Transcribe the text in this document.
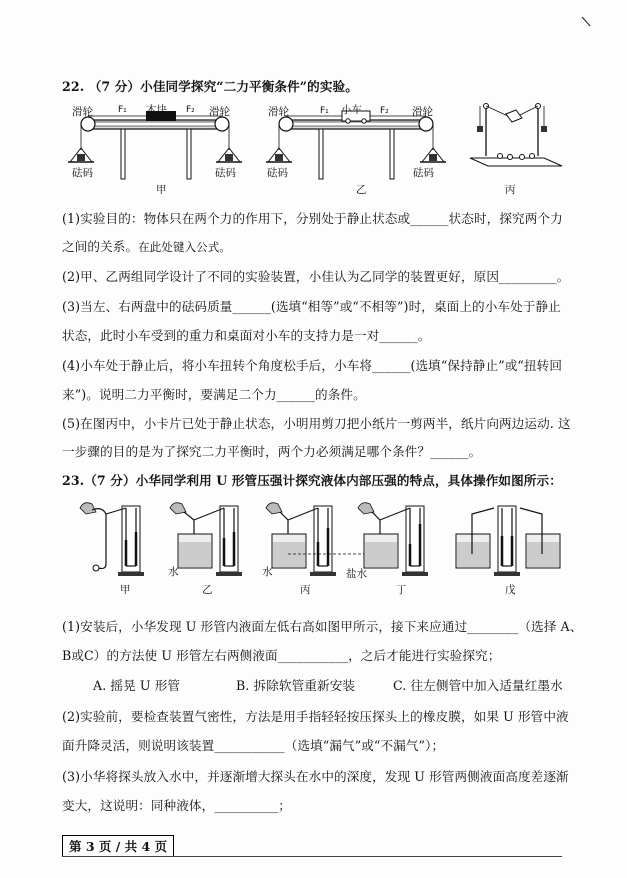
\
22. （7 分）小佳同学探究“二力平衡条件”的实验。
滑轮	滑轮
木块
F₁	F₂
砝码	砝码
甲
滑轮	滑轮
小车
F₁	F₂
砝码	砝码
乙	丙
(1)实验目的：物体只在两个力的作用下，分别处于静止状态或______状态时，探究两个力
之间的关系。在此处键入公式。
(2)甲、乙两组同学设计了不同的实验装置，小佳认为乙同学的装置更好，原因_________。
(3)当左、右两盘中的砝码质量______(选填“相等”或“不相等”)时，桌面上的小车处于静止
状态，此时小车受到的重力和桌面对小车的支持力是一对______。
(4)小车处于静止后，将小车扭转个角度松手后，小车将______(选填“保持静止”或“扭转回
来”)。说明二力平衡时，要满足二个力______的条件。
(5)在图丙中，小卡片已处于静止状态，小明用剪刀把小纸片一剪两半，纸片向两边运动. 这
一步骤的目的是为了探究二力平衡时，两个力必须满足哪个条件？______。
23.（7 分）小华同学利用 U 形管压强计探究液体内部压强的特点，具体操作如图所示：
甲
水
乙
水
丙
盐水
丁	戊
(1)安装后，小华发现 U 形管内液面左低右高如图甲所示，接下来应通过________（选择 A、
B或C）的方法使 U 形管左右两侧液面___________，之后才能进行实验探究；
A. 摇晃 U 形管	B. 拆除软管重新安装	C. 往左侧管中加入适量红墨水
(2)实验前，要检查装置气密性，方法是用手指轻轻按压探头上的橡皮膜，如果 U 形管中液
面升降灵活，则说明该装置___________（选填“漏气”或“不漏气”）；
(3)小华将探头放入水中，并逐渐增大探头在水中的深度，发现 U 形管两侧液面高度差逐渐
变大，这说明：同种液体，__________；
第 3 页 / 共 4 页
